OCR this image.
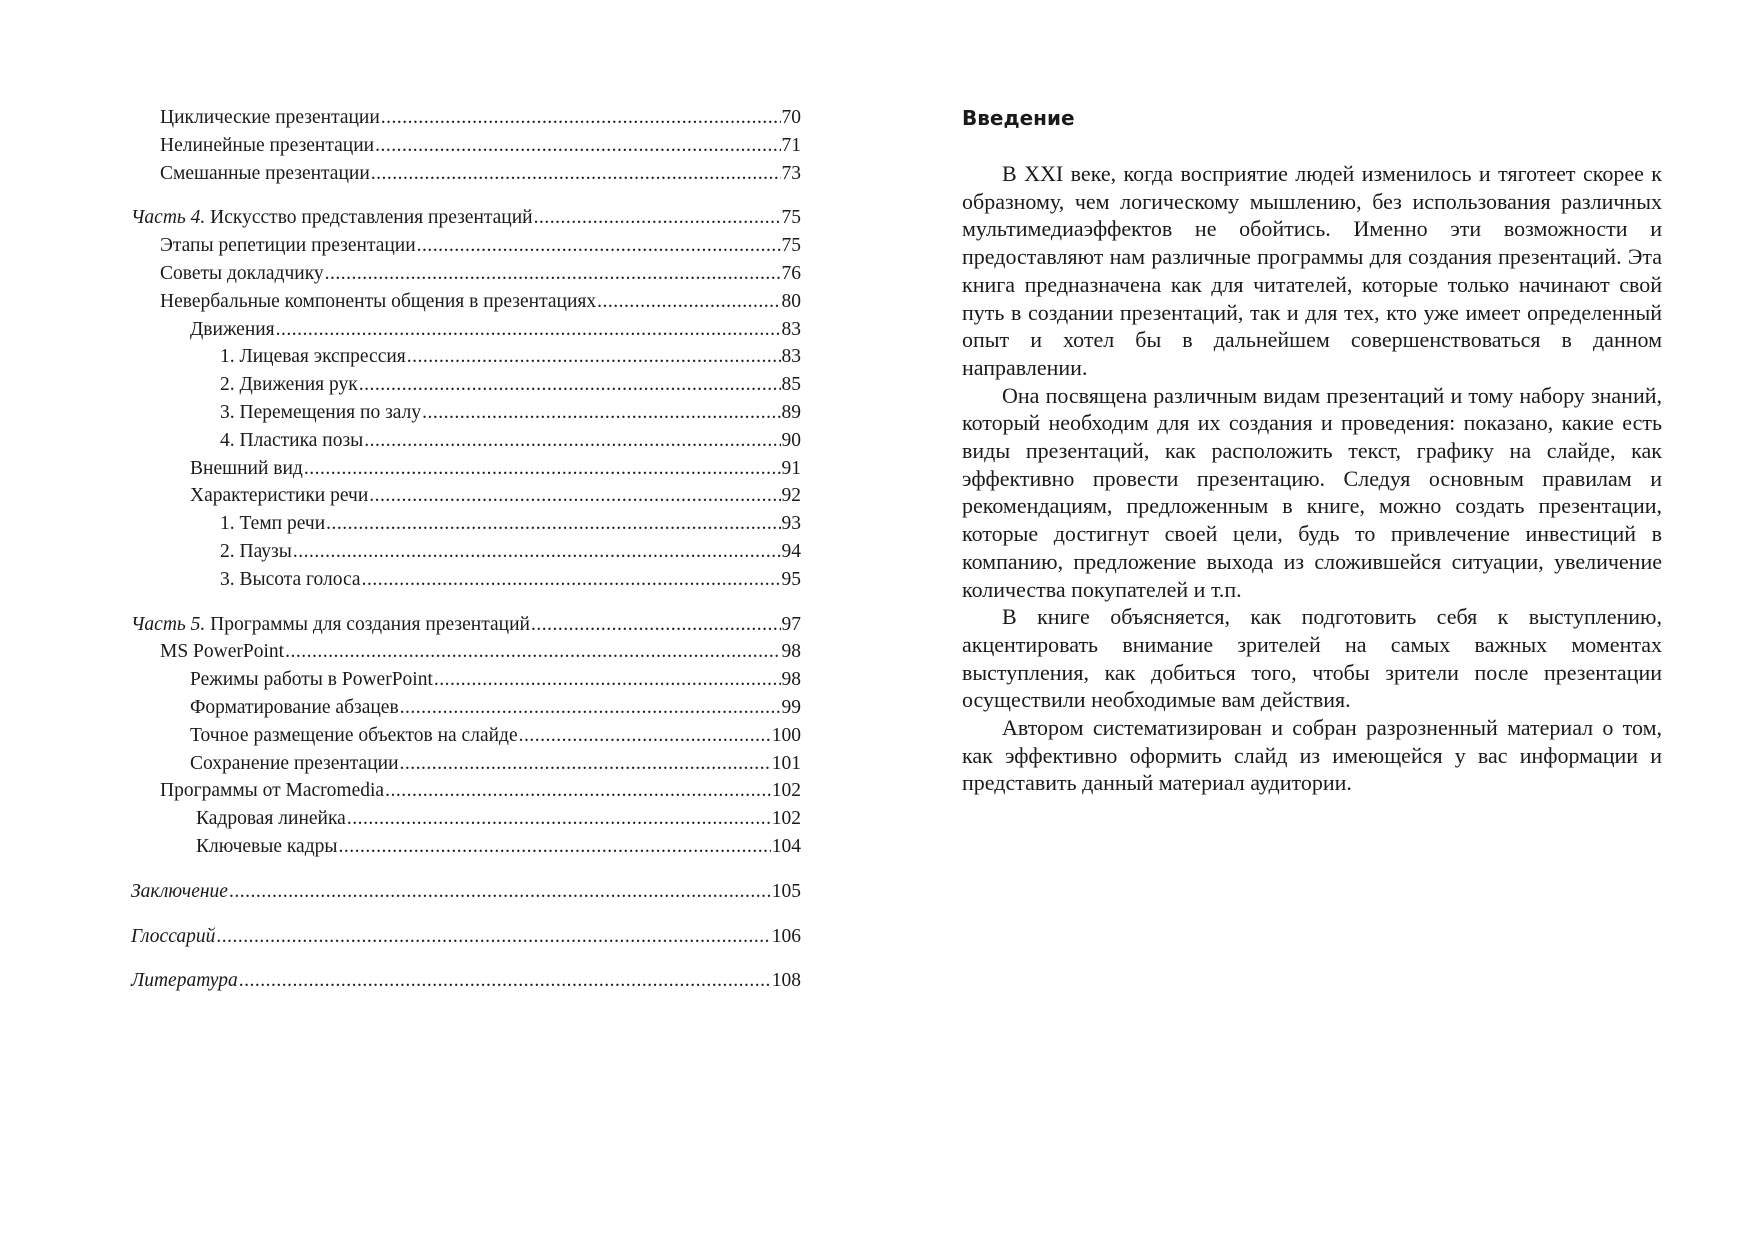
Циклические презентации .....	70
Нелинейные презентации .....	71
Смешанные презентации .....	73
Часть 4. Искусство представления презентаций .....	75
Этапы репетиции презентации .....	75
Советы докладчику .....	76
Невербальные компоненты общения в презентациях .....	80
Движения .....	83
1. Лицевая экспрессия .....	83
2. Движения рук .....	85
3. Перемещения по залу .....	89
4. Пластика позы .....	90
Внешний вид .....	91
Характеристики речи .....	92
1. Темп речи .....	93
2. Паузы .....	94
3. Высота голоса .....	95
Часть 5. Программы для создания презентаций .....	97
MS PowerPoint .....	98
Режимы работы в PowerPoint .....	98
Форматирование абзацев .....	99
Точное размещение объектов на слайде .....	100
Сохранение презентации .....	101
Программы от Macromedia .....	102
Кадровая линейка .....	102
Ключевые кадры .....	104
Заключение .....	105
Глоссарий .....	106
Литература .....	108
Введение

В XXI веке, когда восприятие людей изменилось и тяготеет скорее к образному, чем логическому мышлению, без использования различных мультимедиаэффектов не обойтись. Именно эти возможности и предоставляют нам различные программы для создания презентаций. Эта книга предназначена как для читателей, которые только начинают свой путь в создании презентаций, так и для тех, кто уже имеет определенный опыт и хотел бы в дальнейшем совершенствоваться в данном направлении.

Она посвящена различным видам презентаций и тому набору знаний, который необходим для их создания и проведения: показано, какие есть виды презентаций, как расположить текст, графику на слайде, как эффективно провести презентацию. Следуя основным правилам и рекомендациям, предложенным в книге, можно создать презентации, которые достигнут своей цели, будь то привлечение инвестиций в компанию, предложение выхода из сложившейся ситуации, увеличение количества покупателей и т.п.

В книге объясняется, как подготовить себя к выступлению, акцентировать внимание зрителей на самых важных моментах выступления, как добиться того, чтобы зрители после презентации осуществили необходимые вам действия.

Автором систематизирован и собран разрозненный материал о том, как эффективно оформить слайд из имеющейся у вас информации и представить данный материал аудитории.
